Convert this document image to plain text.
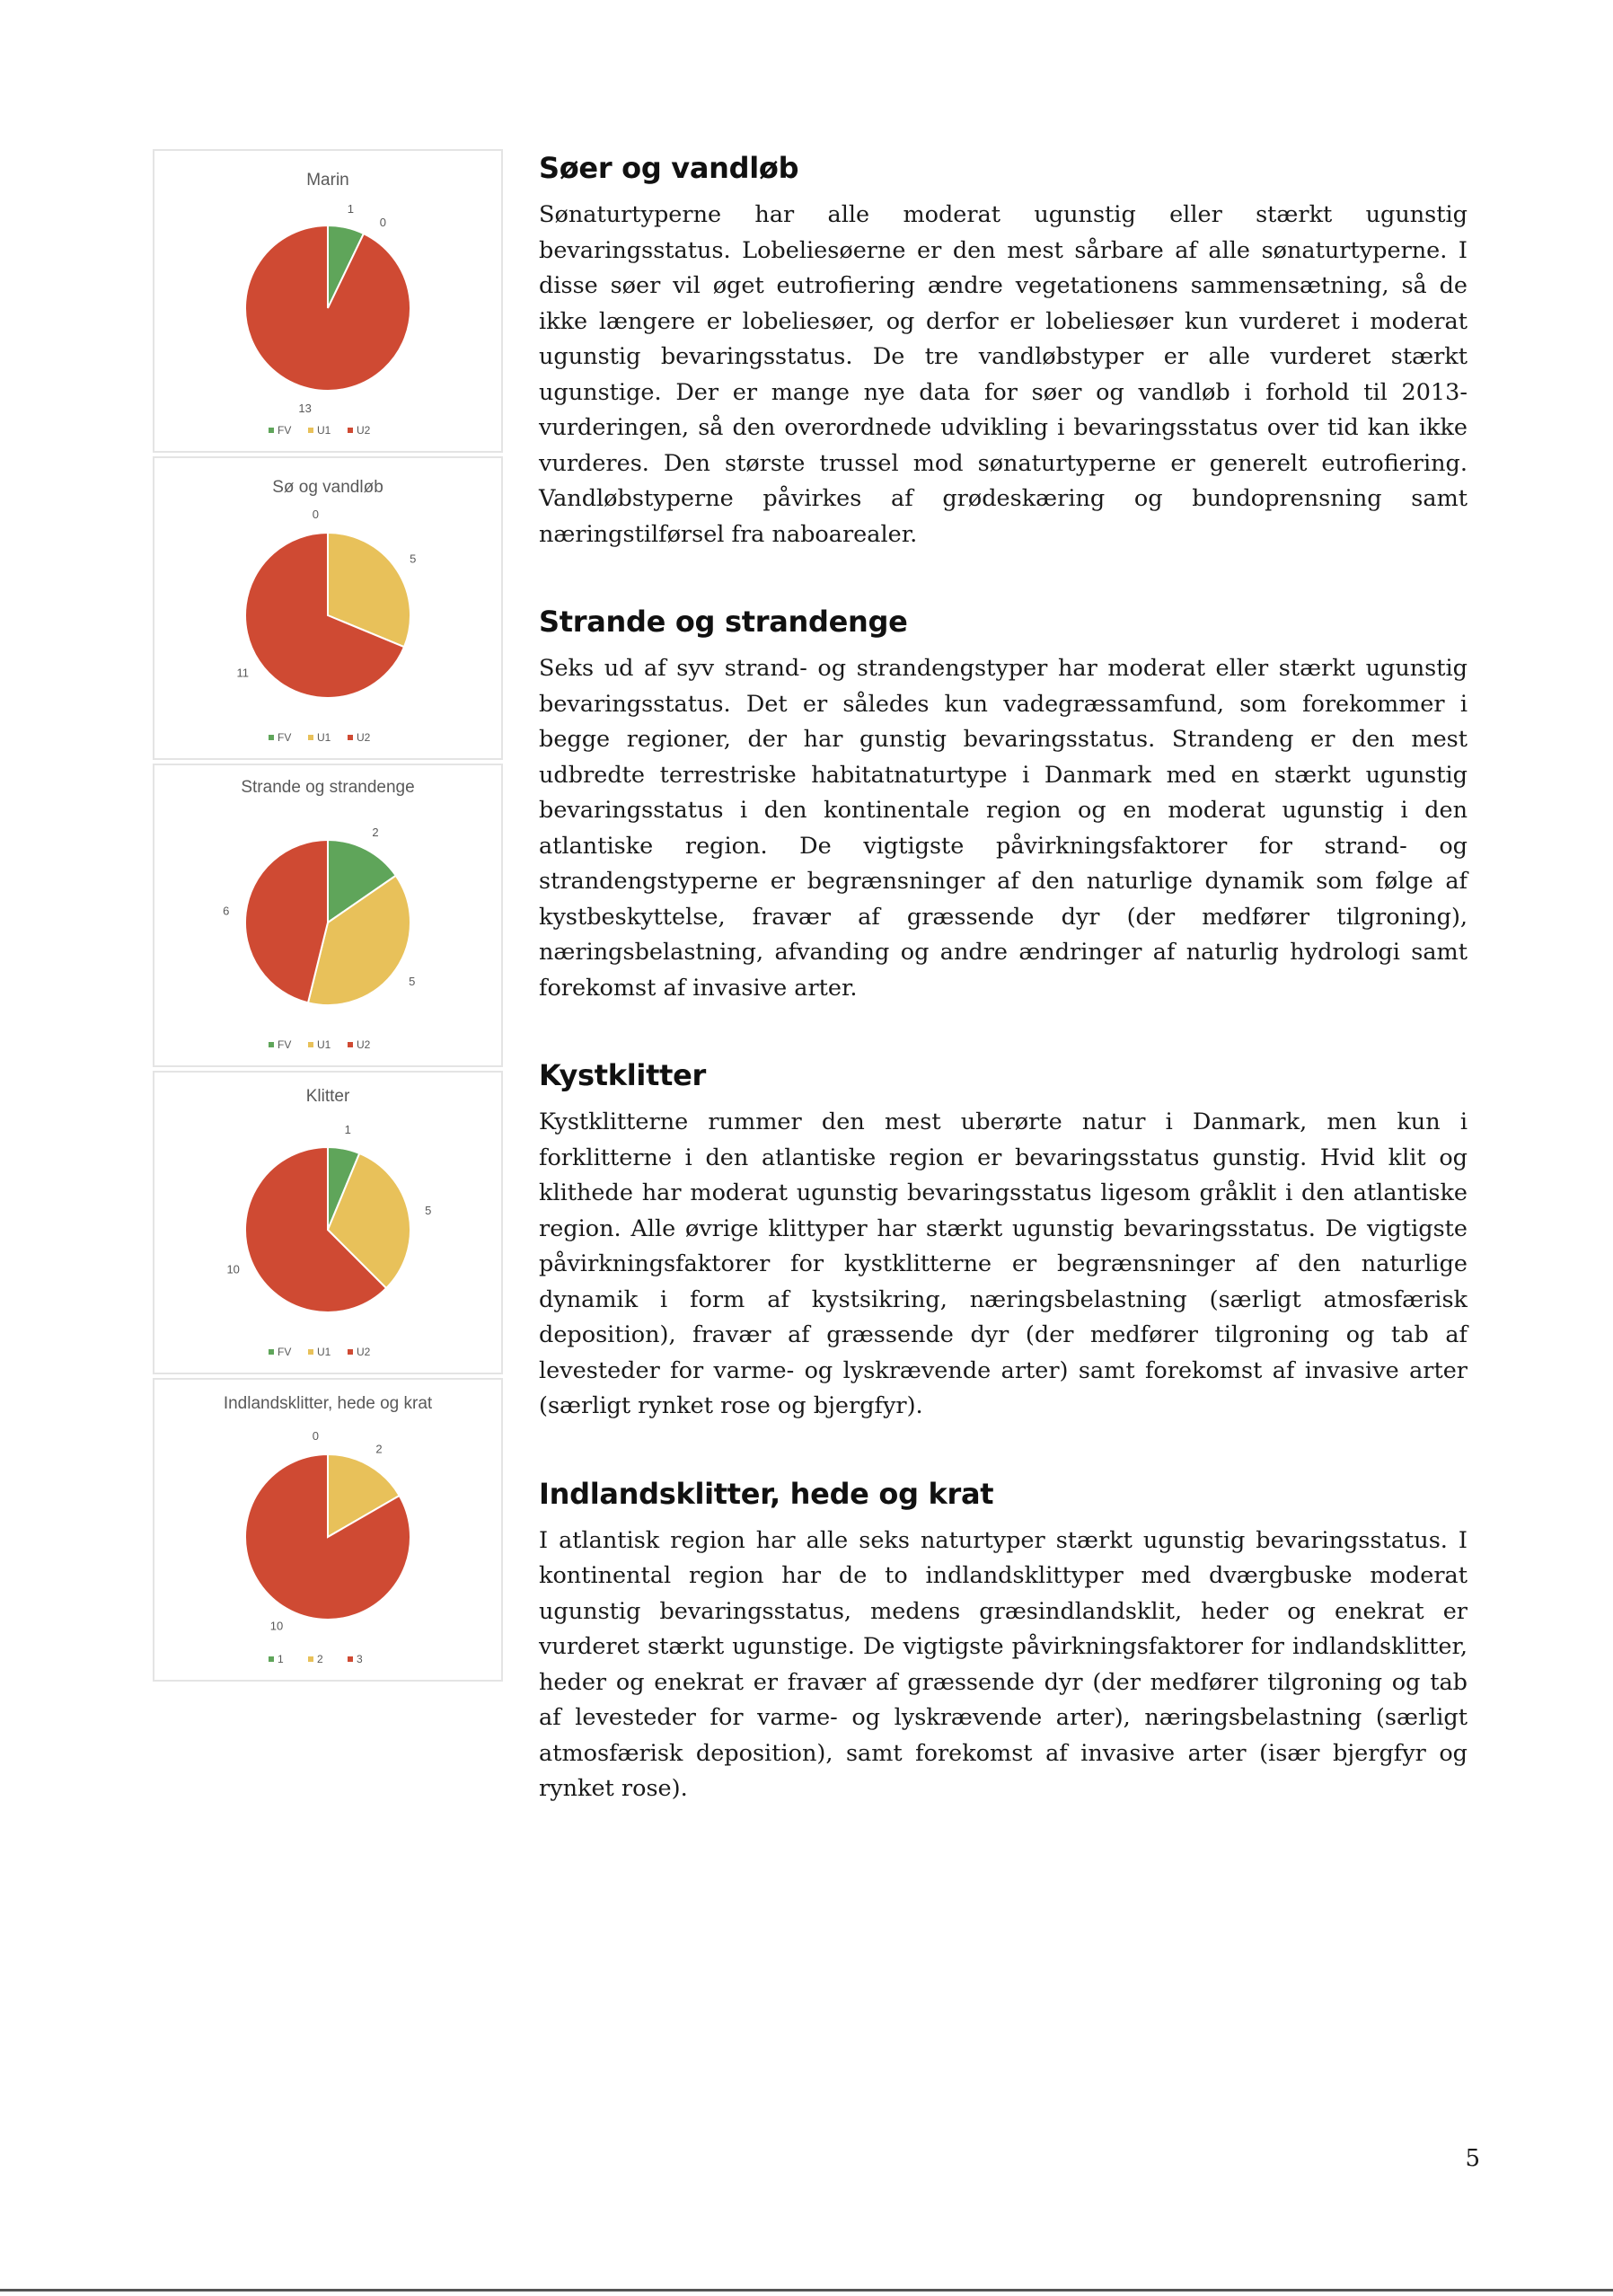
Marin
1
0
13
FV U1 U2
Sø og vandløb
0
5
11
FV U1 U2
Strande og strandenge
2
5
6
FV U1 U2
Klitter
1
5
10
FV U1 U2
Indlandsklitter, hede og krat
0
2
10
1	2	3
Søer og vandløb

Sønaturtyperne har alle moderat ugunstig eller stærkt ugunstig bevaringsstatus. Lobeliesøerne er den mest sårbare af alle sønaturtyperne. I disse søer vil øget eutrofiering ændre vegetationens sammensætning, så de ikke længere er lobeliesøer, og derfor er lobeliesøer kun vurderet i moderat ugunstig bevaringsstatus. De tre vandløbstyper er alle vurderet stærkt ugunstige. Der er mange nye data for søer og vandløb i forhold til 2013-vurderingen, så den overordnede udvikling i bevaringsstatus over tid kan ikke vurderes. Den største trussel mod sønaturtyperne er generelt eutrofiering. Vandløbstyperne påvirkes af grødeskæring og bundoprensning samt næringstilførsel fra naboarealer.

Strande og strandenge

Seks ud af syv strand- og strandengstyper har moderat eller stærkt ugunstig bevaringsstatus. Det er således kun vadegræssamfund, som forekommer i begge regioner, der har gunstig bevaringsstatus. Strandeng er den mest udbredte terrestriske habitatnaturtype i Danmark med en stærkt ugunstig bevaringsstatus i den kontinentale region og en moderat ugunstig i den atlantiske region. De vigtigste påvirkningsfaktorer for strand- og strandengstyperne er begrænsninger af den naturlige dynamik som følge af kystbeskyttelse, fravær af græssende dyr (der medfører tilgroning), næringsbelastning, afvanding og andre ændringer af naturlig hydrologi samt forekomst af invasive arter.

Kystklitter

Kystklitterne rummer den mest uberørte natur i Danmark, men kun i forklitterne i den atlantiske region er bevaringsstatus gunstig. Hvid klit og klithede har moderat ugunstig bevaringsstatus ligesom gråklit i den atlantiske region. Alle øvrige klittyper har stærkt ugunstig bevaringsstatus. De vigtigste påvirkningsfaktorer for kystklitterne er begrænsninger af den naturlige dynamik i form af kystsikring, næringsbelastning (særligt atmosfærisk deposition), fravær af græssende dyr (der medfører tilgroning og tab af levesteder for varme- og lyskrævende arter) samt forekomst af invasive arter (særligt rynket rose og bjergfyr).

Indlandsklitter, hede og krat

I atlantisk region har alle seks naturtyper stærkt ugunstig bevaringsstatus. I kontinental region har de to indlandsklittyper med dværgbuske moderat ugunstig bevaringsstatus, medens græsindlandsklit, heder og enekrat er vurderet stærkt ugunstige. De vigtigste påvirkningsfaktorer for indlandsklitter, heder og enekrat er fravær af græssende dyr (der medfører tilgroning og tab af levesteder for varme- og lyskrævende arter), næringsbelastning (særligt atmosfærisk deposition), samt forekomst af invasive arter (især bjergfyr og rynket rose).

5
